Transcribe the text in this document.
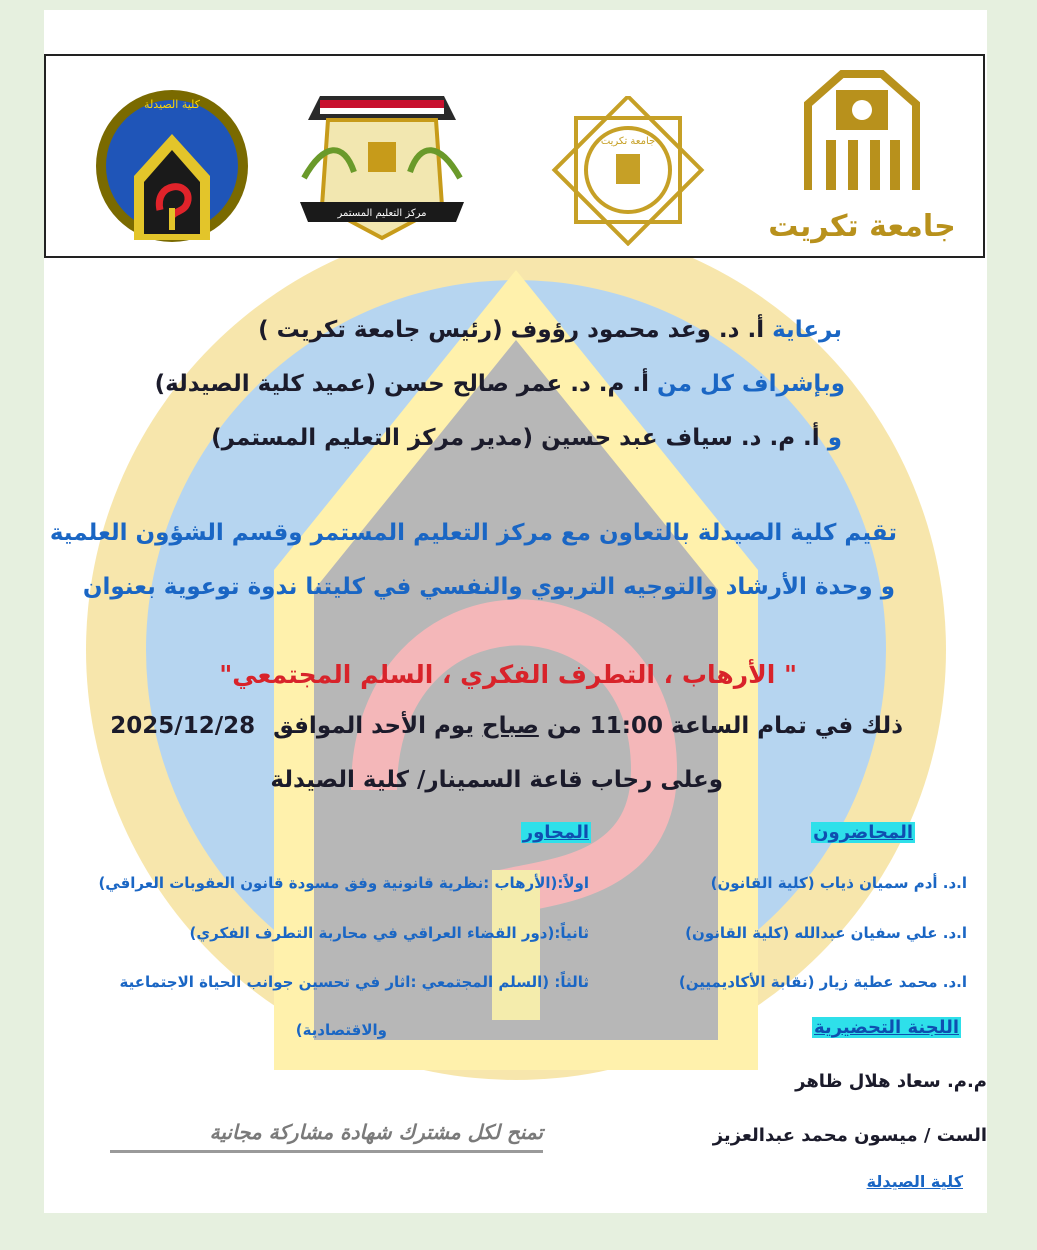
كلية الصيدلة
مركز التعليم المستمر
جامعة تكريت
جامعة تكريت
برعاية أ. د. وعد محمود رؤوف (رئيس جامعة تكريت )
وبإشراف كل من أ. م. د. عمر صالح حسن (عميد كلية الصيدلة)
و أ. م. د. سياف عبد حسين (مدير مركز التعليم المستمر)
تقيم كلية الصيدلة بالتعاون مع مركز التعليم المستمر وقسم الشؤون العلمية
و وحدة الأرشاد والتوجيه التربوي والنفسي في كليتنا ندوة توعوية بعنوان
" الأرهاب ، التطرف الفكري ، السلم المجتمعي"
ذلك في تمام الساعة 11:00 من صباح يوم الأحد الموافق 2025/12/28
وعلى رحاب قاعة السمينار/ كلية الصيدلة
المحاضرون
ا.د. أدم سميان ذياب (كلية القانون)
ا.د. علي سفيان عبدالله (كلية القانون)
ا.د. محمد عطية زيار (نقابة الأكاديميين)
المحاور
اولاً:(الأرهاب :نظرية قانونية وفق مسودة قانون العقوبات العراقي)
ثانياً:(دور القضاء العراقي في محاربة التطرف الفكري)
ثالثاً: (السلم المجتمعي :اثار في تحسين جوانب الحياة الاجتماعية
والاقتصادية)	اللجنة التحضيرية
م.م. سعاد هلال ظاهر
الست / ميسون محمد عبدالعزيز
كلية الصيدلة
تمنح لكل مشترك شهادة مشاركة مجانية
